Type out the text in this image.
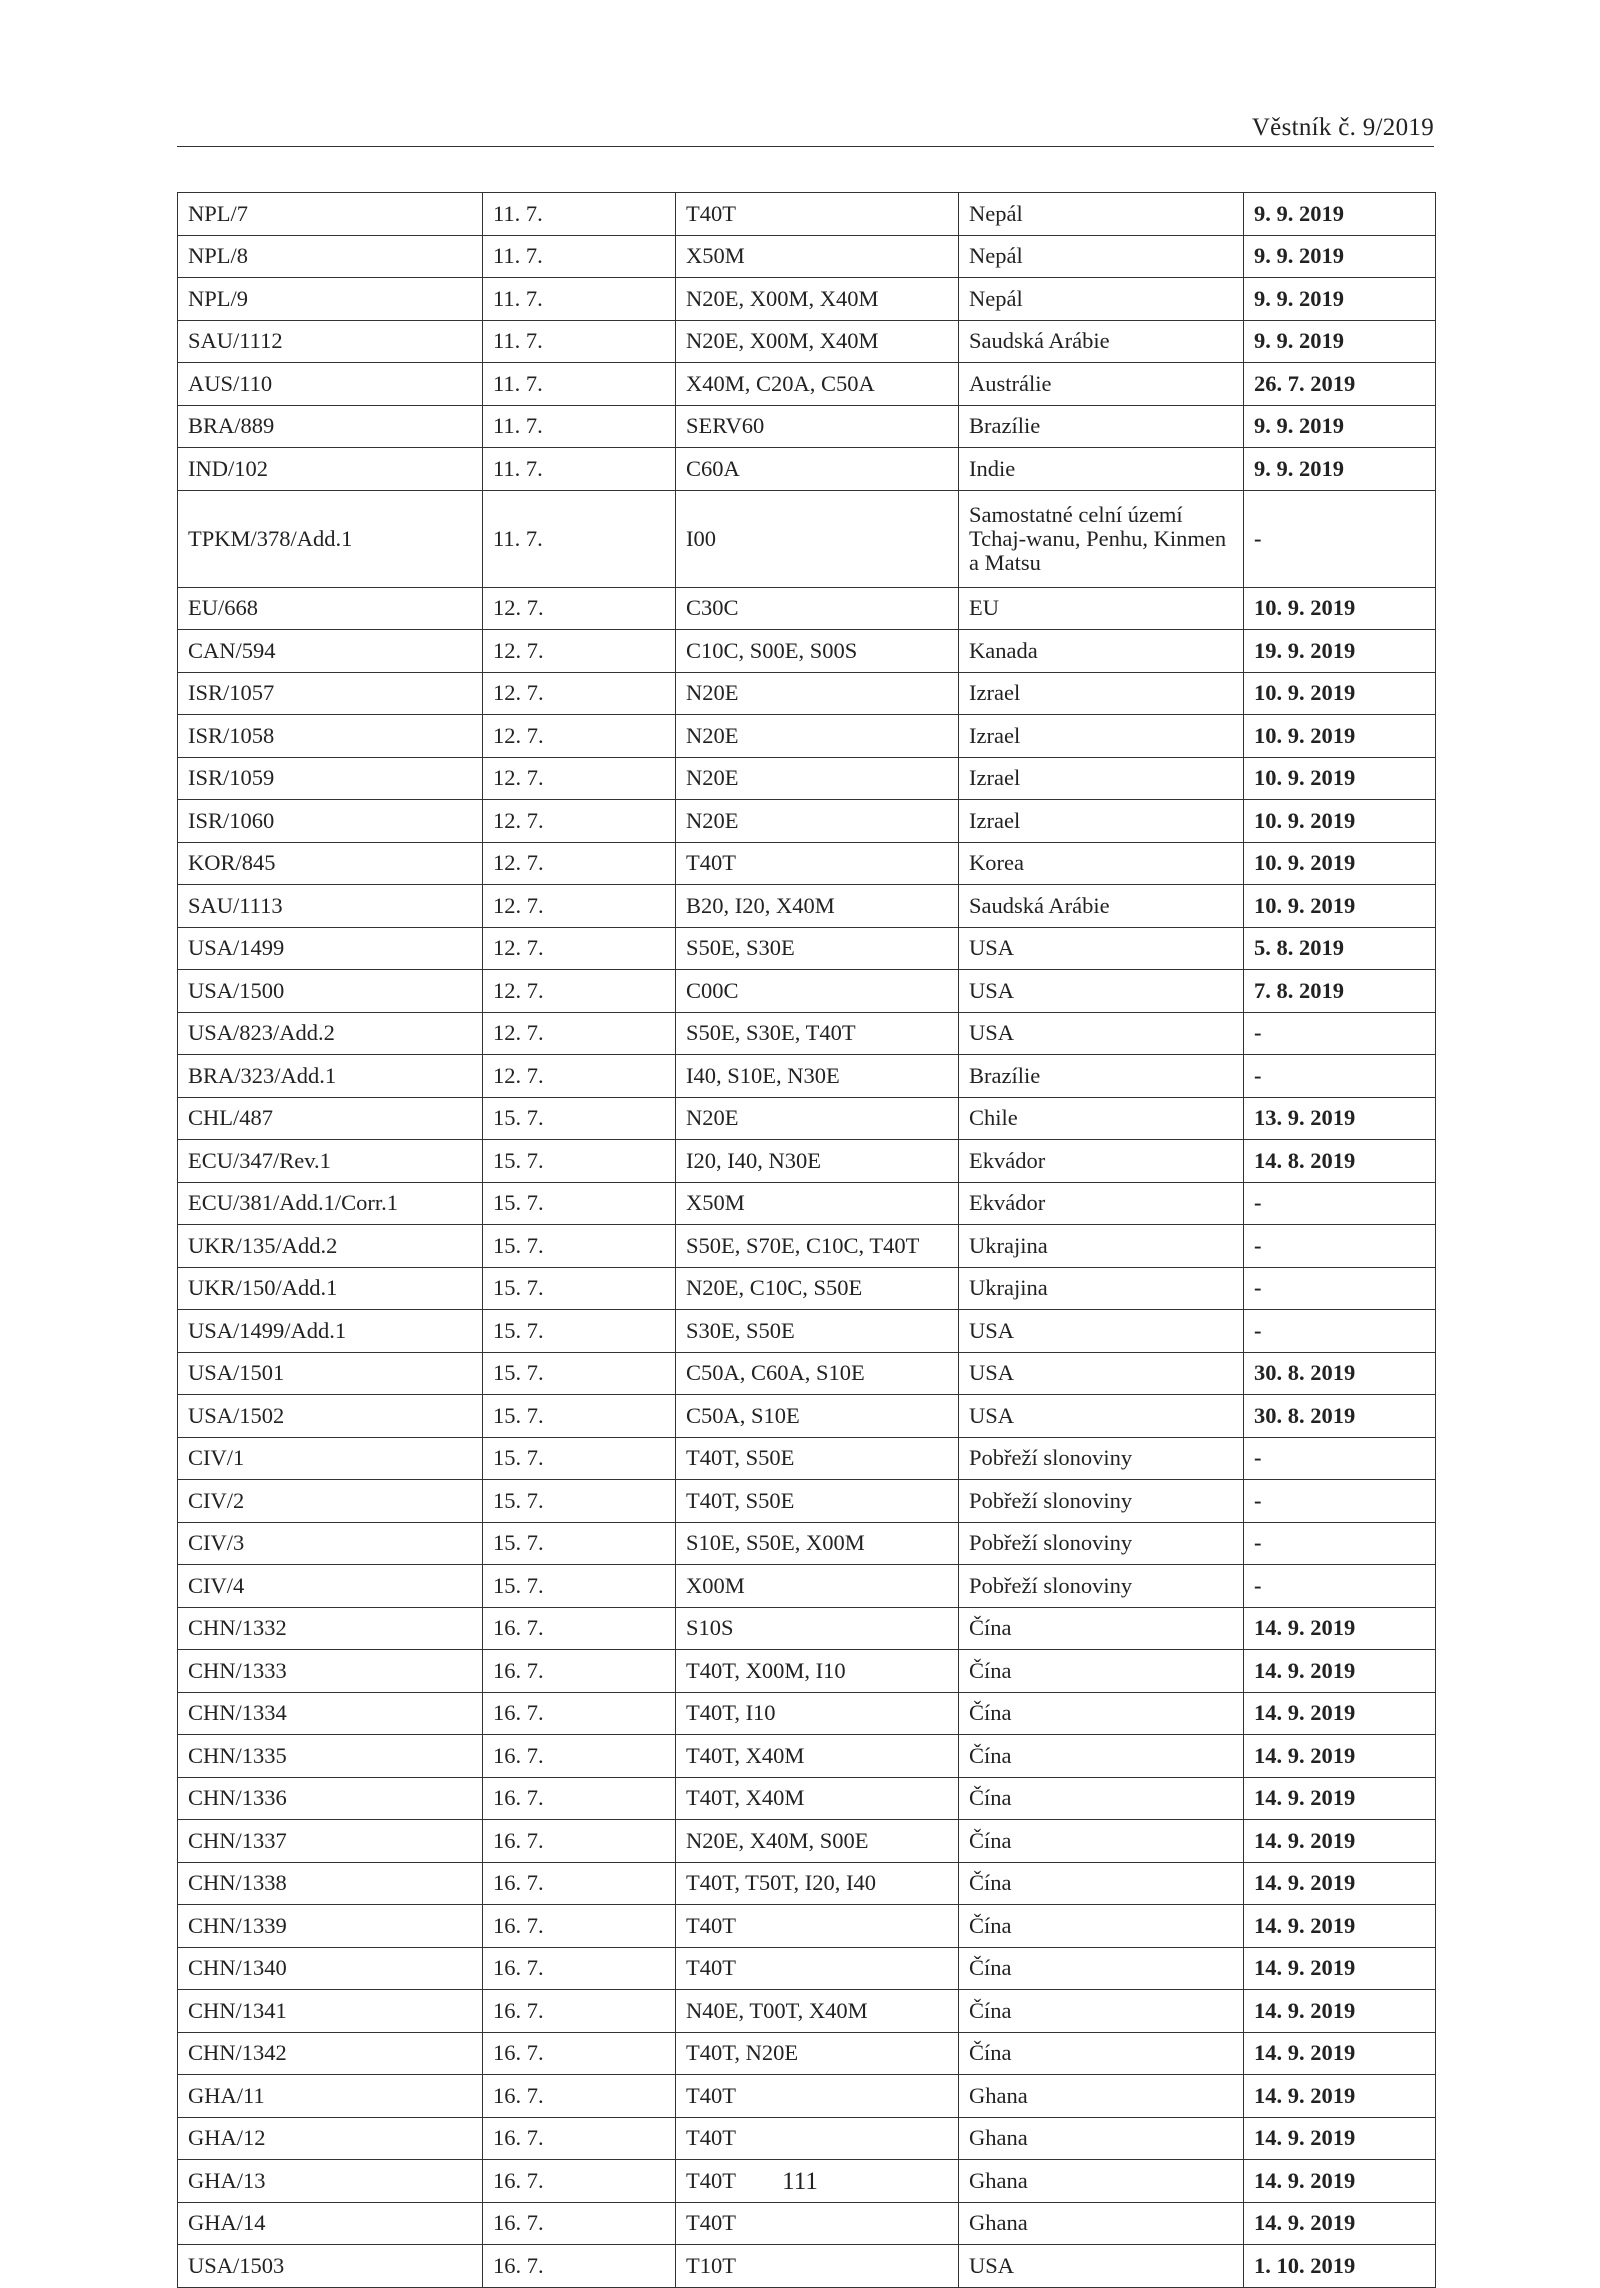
Věstník č. 9/2019
NPL/7	11. 7.	T40T	Nepál	9. 9. 2019
NPL/8	11. 7.	X50M	Nepál	9. 9. 2019
NPL/9	11. 7.	N20E, X00M, X40M	Nepál	9. 9. 2019
SAU/1112	11. 7.	N20E, X00M, X40M	Saudská Arábie	9. 9. 2019
AUS/110	11. 7.	X40M, C20A, C50A	Austrálie	26. 7. 2019
BRA/889	11. 7.	SERV60	Brazílie	9. 9. 2019
IND/102	11. 7.	C60A	Indie	9. 9. 2019
TPKM/378/Add.1	11. 7.	I00	Samostatné celní území Tchaj-wanu, Penhu, Kinmen a Matsu	-
EU/668	12. 7.	C30C	EU	10. 9. 2019
CAN/594	12. 7.	C10C, S00E, S00S	Kanada	19. 9. 2019
ISR/1057	12. 7.	N20E	Izrael	10. 9. 2019
ISR/1058	12. 7.	N20E	Izrael	10. 9. 2019
ISR/1059	12. 7.	N20E	Izrael	10. 9. 2019
ISR/1060	12. 7.	N20E	Izrael	10. 9. 2019
KOR/845	12. 7.	T40T	Korea	10. 9. 2019
SAU/1113	12. 7.	B20, I20, X40M	Saudská Arábie	10. 9. 2019
USA/1499	12. 7.	S50E, S30E	USA	5. 8. 2019
USA/1500	12. 7.	C00C	USA	7. 8. 2019
USA/823/Add.2	12. 7.	S50E, S30E, T40T	USA	-
BRA/323/Add.1	12. 7.	I40, S10E, N30E	Brazílie	-
CHL/487	15. 7.	N20E	Chile	13. 9. 2019
ECU/347/Rev.1	15. 7.	I20, I40, N30E	Ekvádor	14. 8. 2019
ECU/381/Add.1/Corr.1	15. 7.	X50M	Ekvádor	-
UKR/135/Add.2	15. 7.	S50E, S70E, C10C, T40T	Ukrajina	-
UKR/150/Add.1	15. 7.	N20E, C10C, S50E	Ukrajina	-
USA/1499/Add.1	15. 7.	S30E, S50E	USA	-
USA/1501	15. 7.	C50A, C60A, S10E	USA	30. 8. 2019
USA/1502	15. 7.	C50A, S10E	USA	30. 8. 2019
CIV/1	15. 7.	T40T, S50E	Pobřeží slonoviny	-
CIV/2	15. 7.	T40T, S50E	Pobřeží slonoviny	-
CIV/3	15. 7.	S10E, S50E, X00M	Pobřeží slonoviny	-
CIV/4	15. 7.	X00M	Pobřeží slonoviny	-
CHN/1332	16. 7.	S10S	Čína	14. 9. 2019
CHN/1333	16. 7.	T40T, X00M, I10	Čína	14. 9. 2019
CHN/1334	16. 7.	T40T, I10	Čína	14. 9. 2019
CHN/1335	16. 7.	T40T, X40M	Čína	14. 9. 2019
CHN/1336	16. 7.	T40T, X40M	Čína	14. 9. 2019
CHN/1337	16. 7.	N20E, X40M, S00E	Čína	14. 9. 2019
CHN/1338	16. 7.	T40T, T50T, I20, I40	Čína	14. 9. 2019
CHN/1339	16. 7.	T40T	Čína	14. 9. 2019
CHN/1340	16. 7.	T40T	Čína	14. 9. 2019
CHN/1341	16. 7.	N40E, T00T, X40M	Čína	14. 9. 2019
CHN/1342	16. 7.	T40T, N20E	Čína	14. 9. 2019
GHA/11	16. 7.	T40T	Ghana	14. 9. 2019
GHA/12	16. 7.	T40T	Ghana	14. 9. 2019
GHA/13	16. 7.	T40T	Ghana	14. 9. 2019
GHA/14	16. 7.	T40T	Ghana	14. 9. 2019
USA/1503	16. 7.	T10T	USA	1. 10. 2019
111
